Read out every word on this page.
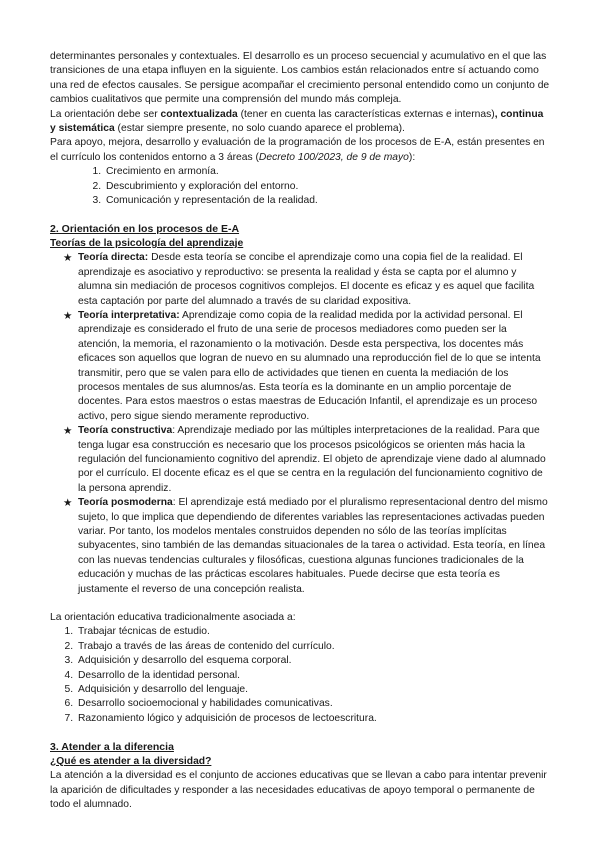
determinantes personales y contextuales. El desarrollo es un proceso secuencial y acumulativo en el que las transiciones de una etapa influyen en la siguiente. Los cambios están relacionados entre sí actuando como una red de efectos causales. Se persigue acompañar el crecimiento personal entendido como un conjunto de cambios cualitativos que permite una comprensión del mundo más compleja.

La orientación debe ser contextualizada (tener en cuenta las características externas e internas), continua y sistemática (estar siempre presente, no solo cuando aparece el problema).

Para apoyo, mejora, desarrollo y evaluación de la programación de los procesos de E-A, están presentes en el currículo los contenidos entorno a 3 áreas (Decreto 100/2023, de 9 de mayo):

1. Crecimiento en armonía.
2. Descubrimiento y exploración del entorno.
3. Comunicación y representación de la realidad.
2. Orientación en los procesos de E-A

Teorías de la psicología del aprendizaje

★ Teoría directa: Desde esta teoría se concibe el aprendizaje como una copia fiel de la realidad. El aprendizaje es asociativo y reproductivo: se presenta la realidad y ésta se capta por el alumno y alumna sin mediación de procesos cognitivos complejos. El docente es eficaz y es aquel que facilita esta captación por parte del alumnado a través de su claridad expositiva.
★ Teoría interpretativa: Aprendizaje como copia de la realidad medida por la actividad personal. El aprendizaje es considerado el fruto de una serie de procesos mediadores como pueden ser la atención, la memoria, el razonamiento o la motivación. Desde esta perspectiva, los docentes más eficaces son aquellos que logran de nuevo en su alumnado una reproducción fiel de lo que se intenta transmitir, pero que se valen para ello de actividades que tienen en cuenta la mediación de los procesos mentales de sus alumnos/as. Esta teoría es la dominante en un amplio porcentaje de docentes. Para estos maestros o estas maestras de Educación Infantil, el aprendizaje es un proceso activo, pero sigue siendo meramente reproductivo.
★ Teoría constructiva: Aprendizaje mediado por las múltiples interpretaciones de la realidad. Para que tenga lugar esa construcción es necesario que los procesos psicológicos se orienten más hacia la regulación del funcionamiento cognitivo del aprendiz. El objeto de aprendizaje viene dado al alumnado por el currículo. El docente eficaz es el que se centra en la regulación del funcionamiento cognitivo de la persona aprendiz.
★ Teoría posmoderna: El aprendizaje está mediado por el pluralismo representacional dentro del mismo sujeto, lo que implica que dependiendo de diferentes variables las representaciones activadas pueden variar. Por tanto, los modelos mentales construidos dependen no sólo de las teorías implícitas subyacentes, sino también de las demandas situacionales de la tarea o actividad. Esta teoría, en línea con las nuevas tendencias culturales y filosóficas, cuestiona algunas funciones tradicionales de la educación y muchas de las prácticas escolares habituales. Puede decirse que esta teoría es justamente el reverso de una concepción realista.

La orientación educativa tradicionalmente asociada a:

1. Trabajar técnicas de estudio.
2. Trabajo a través de las áreas de contenido del currículo.
3. Adquisición y desarrollo del esquema corporal.
4. Desarrollo de la identidad personal.
5. Adquisición y desarrollo del lenguaje.
6. Desarrollo socioemocional y habilidades comunicativas.
7. Razonamiento lógico y adquisición de procesos de lectoescritura.
3. Atender a la diferencia

¿Qué es atender a la diversidad?

La atención a la diversidad es el conjunto de acciones educativas que se llevan a cabo para intentar prevenir la aparición de dificultades y responder a las necesidades educativas de apoyo temporal o permanente de todo el alumnado.
